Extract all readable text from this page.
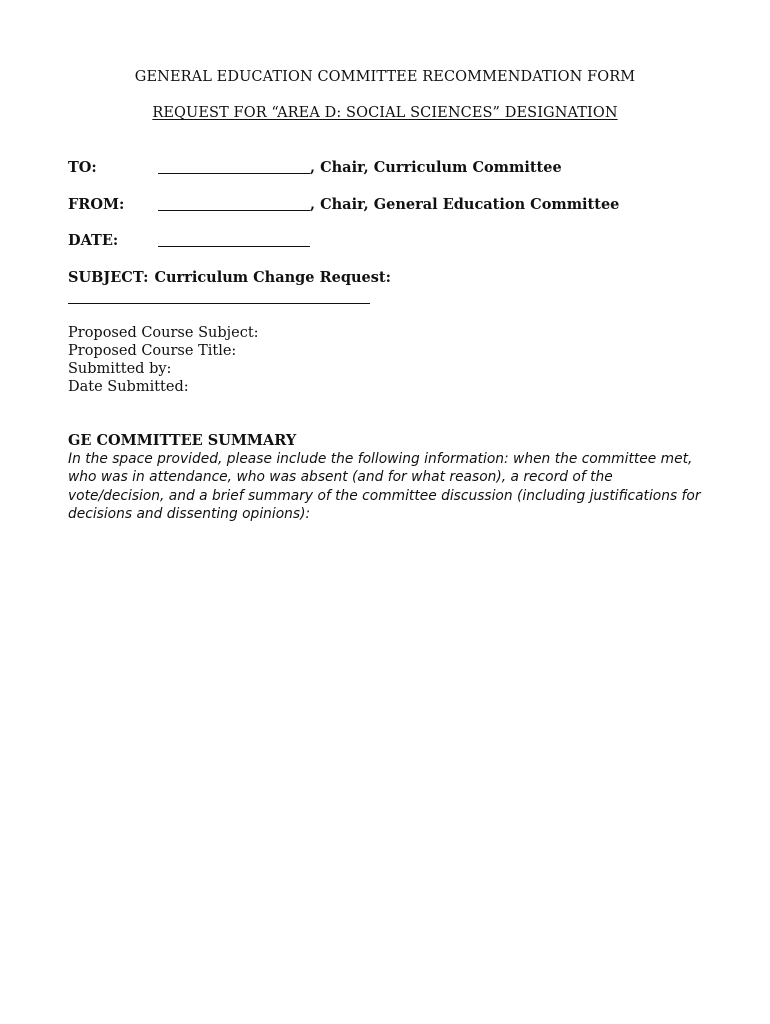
GENERAL EDUCATION COMMITTEE RECOMMENDATION FORM
REQUEST FOR “AREA D: SOCIAL SCIENCES” DESIGNATION
TO:	, Chair, Curriculum Committee
FROM:	, Chair, General Education Committee
DATE:
SUBJECT: Curriculum Change Request:
Proposed Course Subject:
Proposed Course Title:
Submitted by:
Date Submitted:
GE COMMITTEE SUMMARY
In the space provided, please include the following information: when the committee met, who was in attendance, who was absent (and for what reason), a record of the vote/decision, and a brief summary of the committee discussion (including justifications for decisions and dissenting opinions):
